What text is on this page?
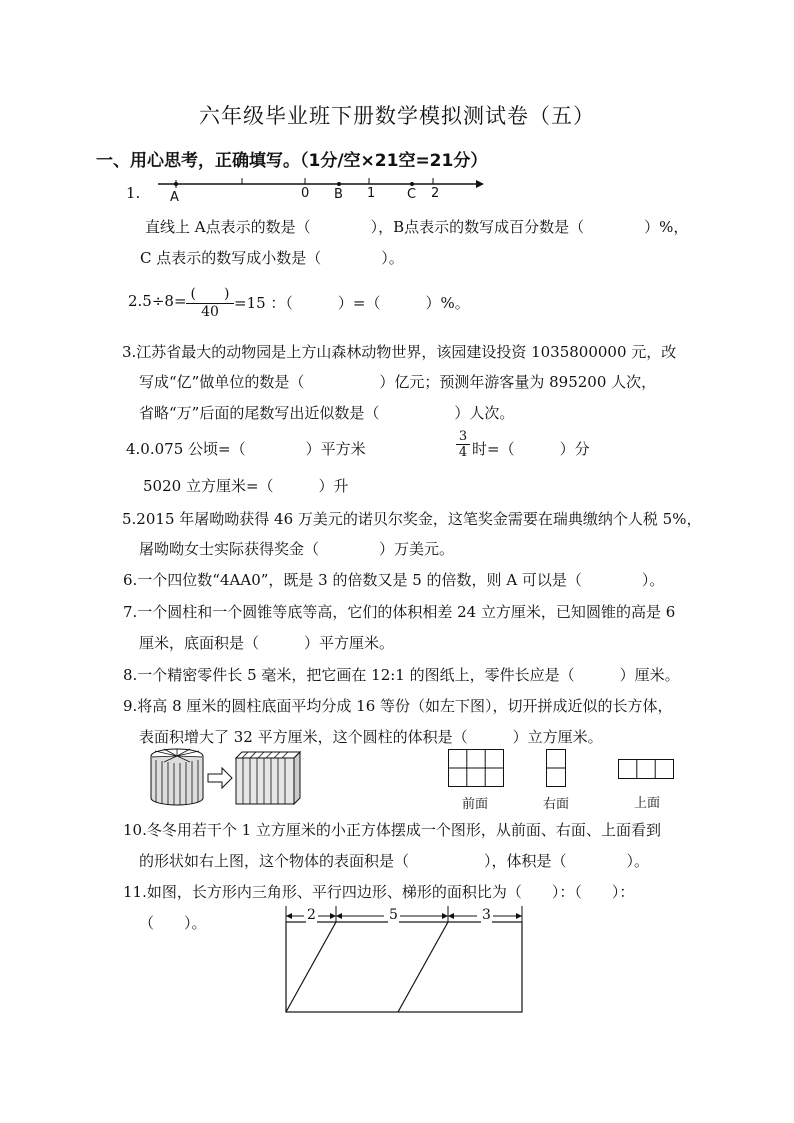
六年级毕业班下册数学模拟测试卷（五）
一、用心思考，正确填写。（1分/空×21空=21分）
1. A	0 B 1 C 2
直线上 A点表示的数是（　　　　），B点表示的数写成百分数是（　　　　）%，
C 点表示的数写成小数是（　　　　）。
2.5÷8= (　　)
40	=15 ：（　　　）=（　　　）%。
3.江苏省最大的动物园是上方山森林动物世界，该园建设投资 1035800000 元，改
写成“亿”做单位的数是（　　　　　）亿元；预测年游客量为 895200 人次，
省略“万”后面的尾数写出近似数是（　　　　　）人次。
4.0.075 公顷=（　　　　）平方米	$\frac{3}{4}$ 时=（　　　）分
5020 立方厘米=（　　　）升
5.2015 年屠呦呦获得 46 万美元的诺贝尔奖金，这笔奖金需要在瑞典缴纳个人税 5%，
屠呦呦女士实际获得奖金（　　　　）万美元。
6.一个四位数“4AA0”，既是 3 的倍数又是 5 的倍数，则 A 可以是（　　　　）。
7.一个圆柱和一个圆锥等底等高，它们的体积相差 24 立方厘米，已知圆锥的高是 6
厘米，底面积是（　　　）平方厘米。
8.一个精密零件长 5 毫米，把它画在 12:1 的图纸上，零件长应是（　　　）厘米。
9.将高 8 厘米的圆柱底面平均分成 16 等份（如左下图），切开拼成近似的长方体，
表面积增大了 32 平方厘米，这个圆柱的体积是（　　　）立方厘米。
前面	右面	上面
10.冬冬用若干个 1 立方厘米的小正方体摆成一个图形，从前面、右面、上面看到
的形状如右上图，这个物体的表面积是（　　　　　），体积是（　　　　）。
11.如图，长方形内三角形、平行四边形、梯形的面积比为（　　）：（　　）：
（　　）。	2	5	3
